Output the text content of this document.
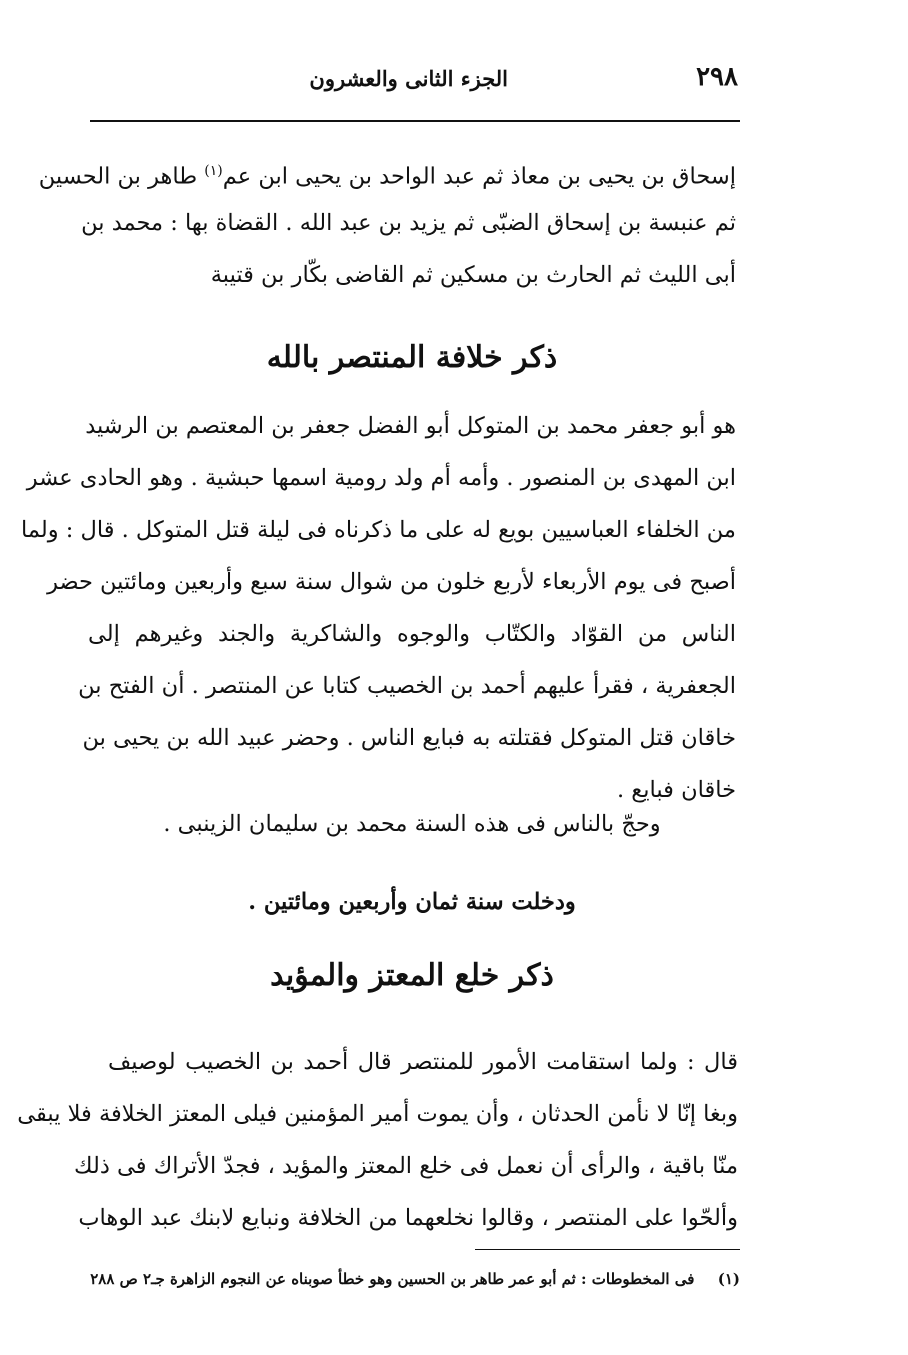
٢٩٨
الجزء الثانى والعشرون
إسحاق بن يحيى بن معاذ ثم عبد الواحد بن يحيى ابن عم$^{(١)}$ طاهر بن الحسين
ثم عنبسة بن إسحاق الضبّى ثم يزيد بن عبد الله . القضاة بها : محمد بن
أبى الليث ثم الحارث بن مسكين ثم القاضى بكّار بن قتيبة
ذكر خلافة المنتصر بالله
هو أبو جعفر محمد بن المتوكل أبو الفضل جعفر بن المعتصم بن الرشيد
ابن المهدى بن المنصور . وأمه أم ولد رومية اسمها حبشية . وهو الحادى عشر
من الخلفاء العباسيين بويع له على ما ذكرناه فى ليلة قتل المتوكل . قال : ولما
أصبح فى يوم الأربعاء لأربع خلون من شوال سنة سبع وأربعين ومائتين حضر
الناس من القوّاد والكتّاب والوجوه والشاكرية والجند وغيرهم إلى
الجعفرية ، فقرأ عليهم أحمد بن الخصيب كتابا عن المنتصر . أن الفتح بن
خاقان قتل المتوكل فقتلته به فبايع الناس . وحضر عبيد الله بن يحيى بن
خاقان فبايع .
وحجّ بالناس فى هذه السنة محمد بن سليمان الزينبى .
ودخلت سنة ثمان وأربعين ومائتين .
ذكر خلع المعتز والمؤيد
قال : ولما استقامت الأمور للمنتصر قال أحمد بن الخصيب لوصيف
وبغا إنّا لا نأمن الحدثان ، وأن يموت أمير المؤمنين فيلى المعتز الخلافة فلا يبقى
منّا باقية ، والرأى أن نعمل فى خلع المعتز والمؤيد ، فجدّ الأتراك فى ذلك
وألحّوا على المنتصر ، وقالوا نخلعهما من الخلافة ونبايع لابنك عبد الوهاب
(١) فى المخطوطات : ثم أبو عمر طاهر بن الحسين وهو خطأ صوبناه عن النجوم الزاهرة جـ٢ ص ٢٨٨
